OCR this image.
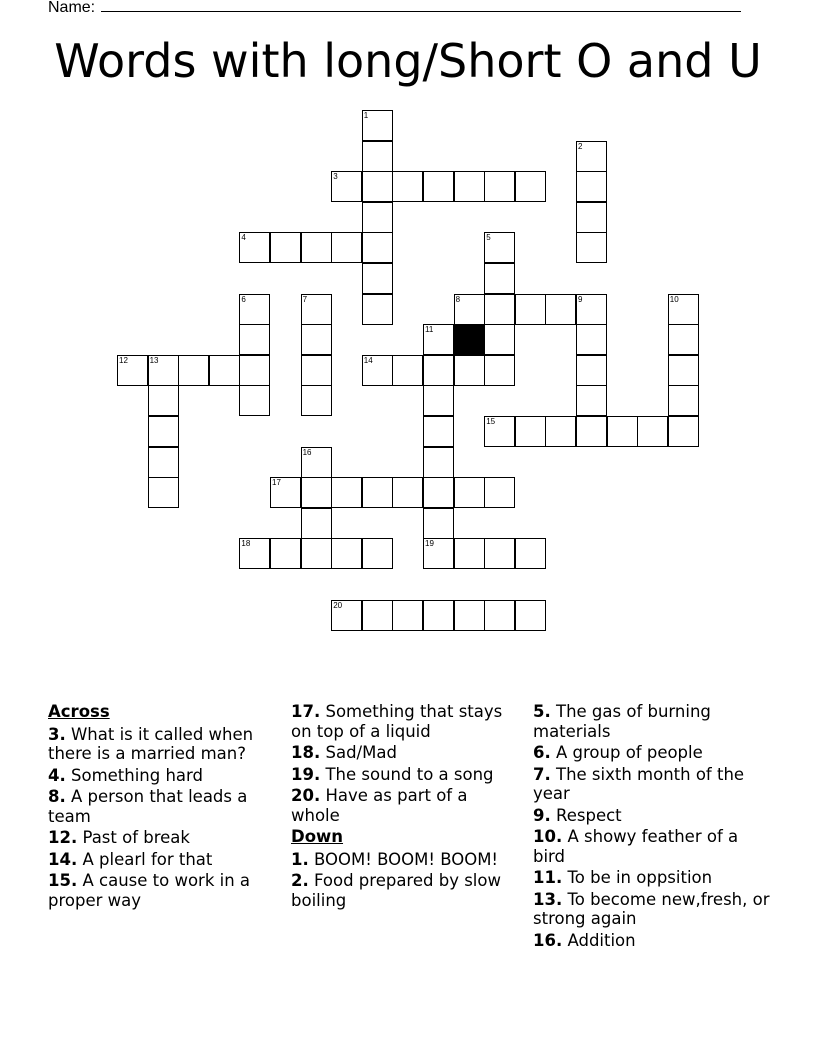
Name:
Words with long/Short O and U
1
2
3
4	5
6	7	8	9	10
11
12	13	14
15
16
17
18	19
20
Across
3. What is it called when there is a married man?
4. Something hard
8. A person that leads a team
12. Past of break
14. A plearl for that
15. A cause to work in a proper way
17. Something that stays on top of a liquid
18. Sad/Mad
19. The sound to a song
20. Have as part of a whole
Down
1. BOOM! BOOM! BOOM!
2. Food prepared by slow boiling
5. The gas of burning materials
6. A group of people
7. The sixth month of the year
9. Respect
10. A showy feather of a bird
11. To be in oppsition
13. To become new,fresh, or strong again
16. Addition
